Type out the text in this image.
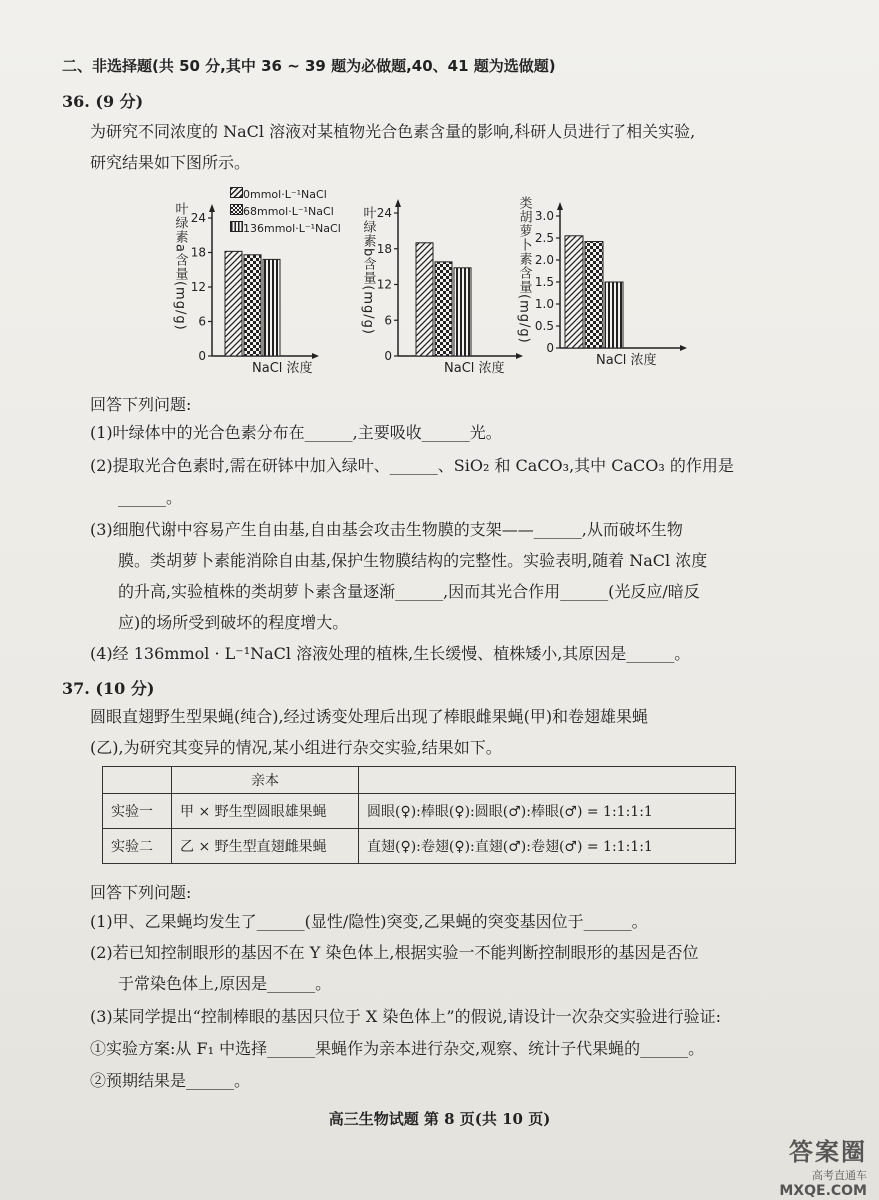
二、非选择题(共 50 分,其中 36 ~ 39 题为必做题,40、41 题为选做题)
36. (9 分)
为研究不同浓度的 NaCl 溶液对某植物光合色素含量的影响,科研人员进行了相关实验,
研究结果如下图所示。
0
6
12
18
24
NaCl 浓度
叶绿素a含量(mg/g)
0mmol·L⁻¹NaCl
68mmol·L⁻¹NaCl
136mmol·L⁻¹NaCl
0
6
12
18
24
NaCl 浓度
叶绿素b含量(mg/g)
0
0.5
1.0
1.5
2.0
2.5
3.0
NaCl 浓度
类胡萝卜素含量(mg/g)
回答下列问题:
(1)叶绿体中的光合色素分布在______,主要吸收______光。
(2)提取光合色素时,需在研钵中加入绿叶、______、SiO₂ 和 CaCO₃,其中 CaCO₃ 的作用是
______。
(3)细胞代谢中容易产生自由基,自由基会攻击生物膜的支架——______,从而破坏生物
膜。类胡萝卜素能消除自由基,保护生物膜结构的完整性。实验表明,随着 NaCl 浓度
的升高,实验植株的类胡萝卜素含量逐渐______,因而其光合作用______(光反应/暗反
应)的场所受到破坏的程度增大。
(4)经 136mmol · L⁻¹NaCl 溶液处理的植株,生长缓慢、植株矮小,其原因是______。
37. (10 分)
圆眼直翅野生型果蝇(纯合),经过诱变处理后出现了棒眼雌果蝇(甲)和卷翅雄果蝇
(乙),为研究其变异的情况,某小组进行杂交实验,结果如下。
	亲本	
实验一	甲 × 野生型圆眼雄果蝇	圆眼(♀):棒眼(♀):圆眼(♂):棒眼(♂) = 1:1:1:1
实验二	乙 × 野生型直翅雌果蝇	直翅(♀):卷翅(♀):直翅(♂):卷翅(♂) = 1:1:1:1
回答下列问题:
(1)甲、乙果蝇均发生了______(显性/隐性)突变,乙果蝇的突变基因位于______。
(2)若已知控制眼形的基因不在 Y 染色体上,根据实验一不能判断控制眼形的基因是否位
于常染色体上,原因是______。
(3)某同学提出“控制棒眼的基因只位于 X 染色体上”的假说,请设计一次杂交实验进行验证:
①实验方案:从 F₁ 中选择______果蝇作为亲本进行杂交,观察、统计子代果蝇的______。
②预期结果是______。
高三生物试题 第 8 页(共 10 页)
答案圈
高考直通车
MXQE.COM
